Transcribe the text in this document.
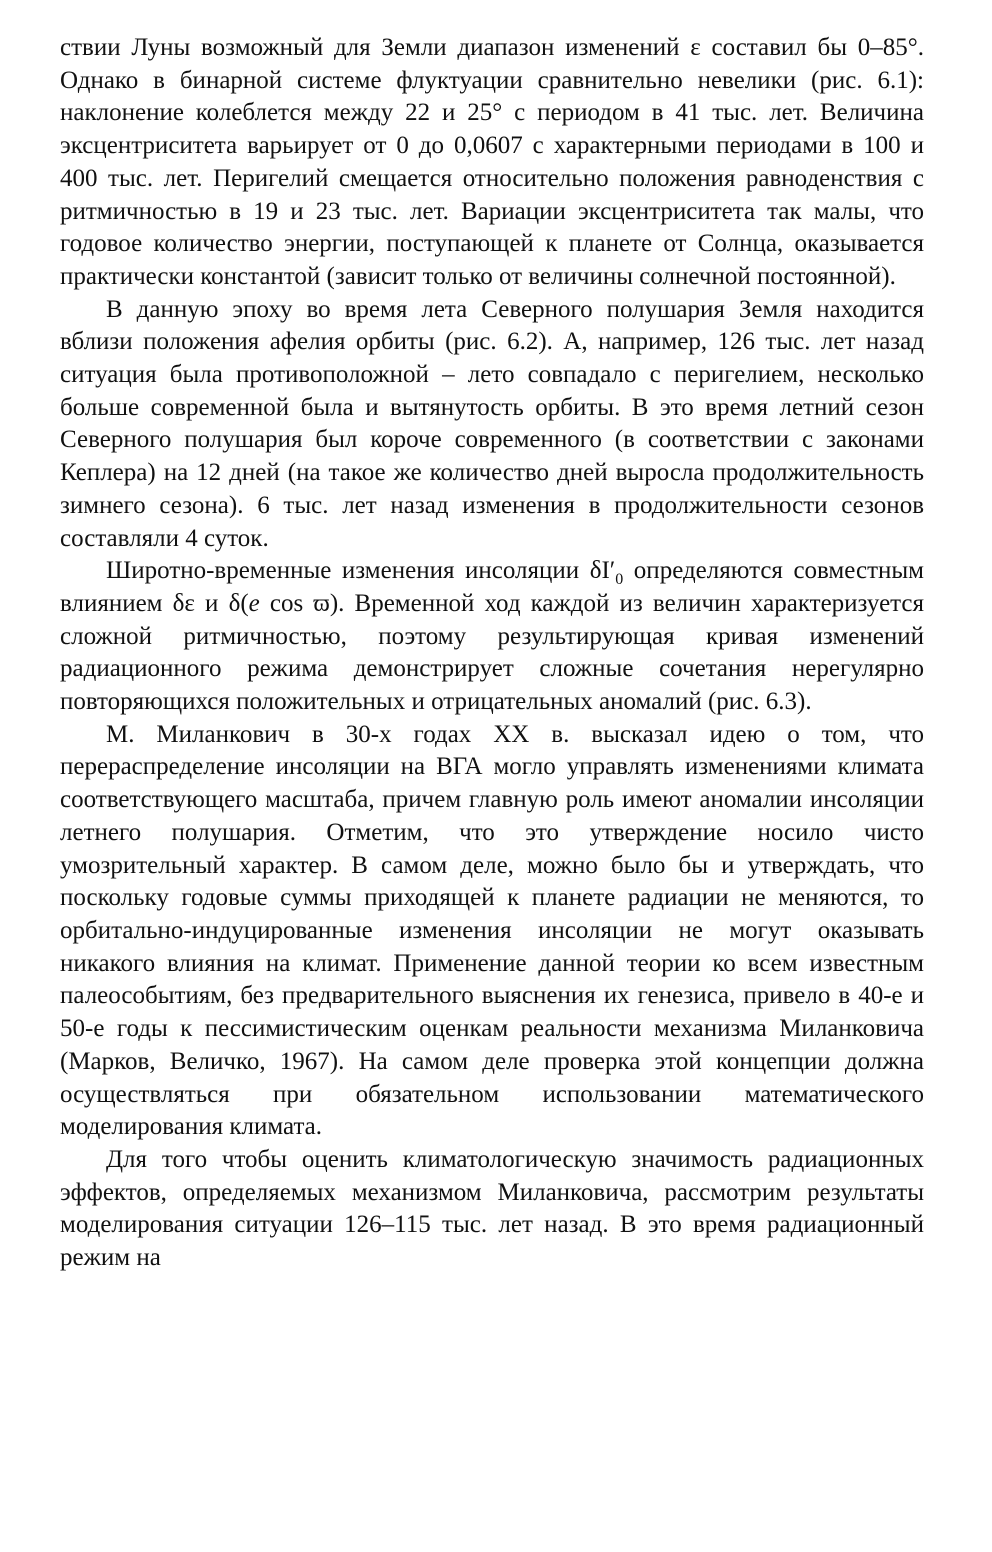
ствии Луны возможный для Земли диапазон изменений ε составил бы 0–85°. Однако в бинарной системе флуктуации сравнительно невелики (рис. 6.1): наклонение колеблется между 22 и 25° с периодом в 41 тыс. лет. Величина эксцентриситета варьирует от 0 до 0,0607 с характерными периодами в 100 и 400 тыс. лет. Перигелий смещается относительно положения равноденствия с ритмичностью в 19 и 23 тыс. лет. Вариации эксцентриситета так малы, что годовое количество энергии, поступающей к планете от Солнца, оказывается практически константой (зависит только от величины солнечной постоянной).

В данную эпоху во время лета Северного полушария Земля находится вблизи положения афелия орбиты (рис. 6.2). А, например, 126 тыс. лет назад ситуация была противоположной – лето совпадало с перигелием, несколько больше современной была и вытянутость орбиты. В это время летний сезон Северного полушария был короче современного (в соответствии с законами Кеплера) на 12 дней (на такое же количество дней выросла продолжительность зимнего сезона). 6 тыс. лет назад изменения в продолжительности сезонов составляли 4 суток.

Широтно-временные изменения инсоляции $\delta I'_0$ определяются совместным влиянием δε и δ(e cos ϖ). Временной ход каждой из величин характеризуется сложной ритмичностью, поэтому результирующая кривая изменений радиационного режима демонстрирует сложные сочетания нерегулярно повторяющихся положительных и отрицательных аномалий (рис. 6.3).

М. Миланкович в 30-х годах XX в. высказал идею о том, что перераспределение инсоляции на ВГА могло управлять изменениями климата соответствующего масштаба, причем главную роль имеют аномалии инсоляции летнего полушария. Отметим, что это утверждение носило чисто умозрительный характер. В самом деле, можно было бы и утверждать, что поскольку годовые суммы приходящей к планете радиации не меняются, то орбитально-индуцированные изменения инсоляции не могут оказывать никакого влияния на климат. Применение данной теории ко всем известным палеособытиям, без предварительного выяснения их генезиса, привело в 40-е и 50-е годы к пессимистическим оценкам реальности механизма Миланковича (Марков, Величко, 1967). На самом деле проверка этой концепции должна осуществляться при обязательном использовании математического моделирования климата.

Для того чтобы оценить климатологическую значимость радиационных эффектов, определяемых механизмом Миланковича, рассмотрим результаты моделирования ситуации 126–115 тыс. лет назад. В это время радиационный режим на
